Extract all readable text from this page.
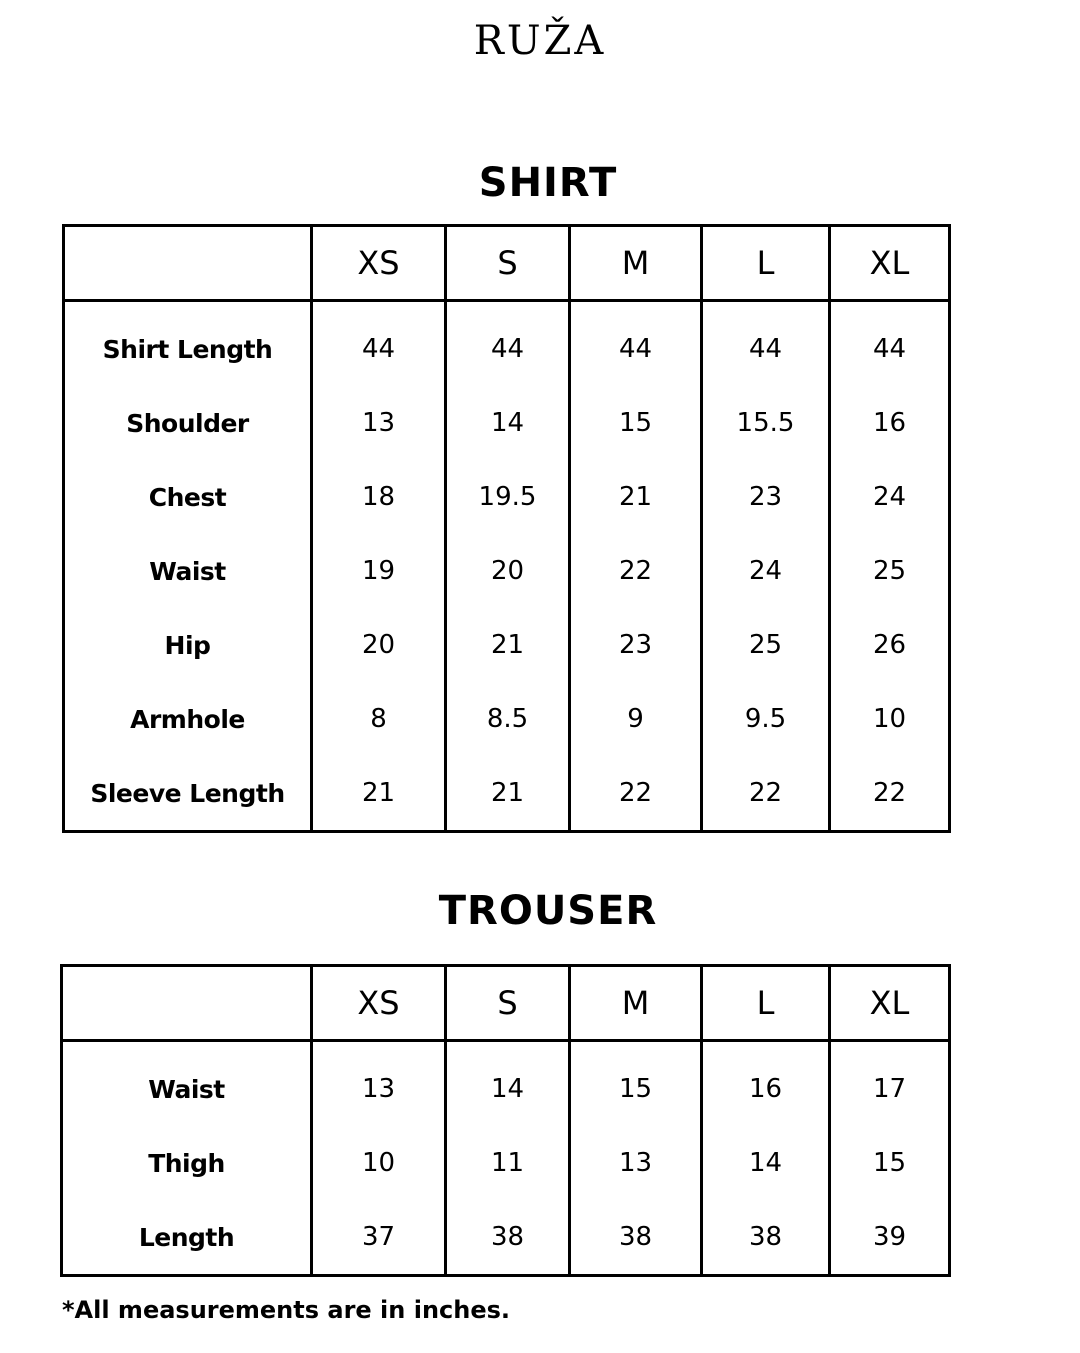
RUŽA
SHIRT
	XS	S	M	L	XL
Shirt Length	44	44	44	44	44
Shoulder	13	14	15	15.5	16
Chest	18	19.5	21	23	24
Waist	19	20	22	24	25
Hip	20	21	23	25	26
Armhole	8	8.5	9	9.5	10
Sleeve Length	21	21	22	22	22
TROUSER
	XS	S	M	L	XL
Waist	13	14	15	16	17
Thigh	10	11	13	14	15
Length	37	38	38	38	39
*All measurements are in inches.
